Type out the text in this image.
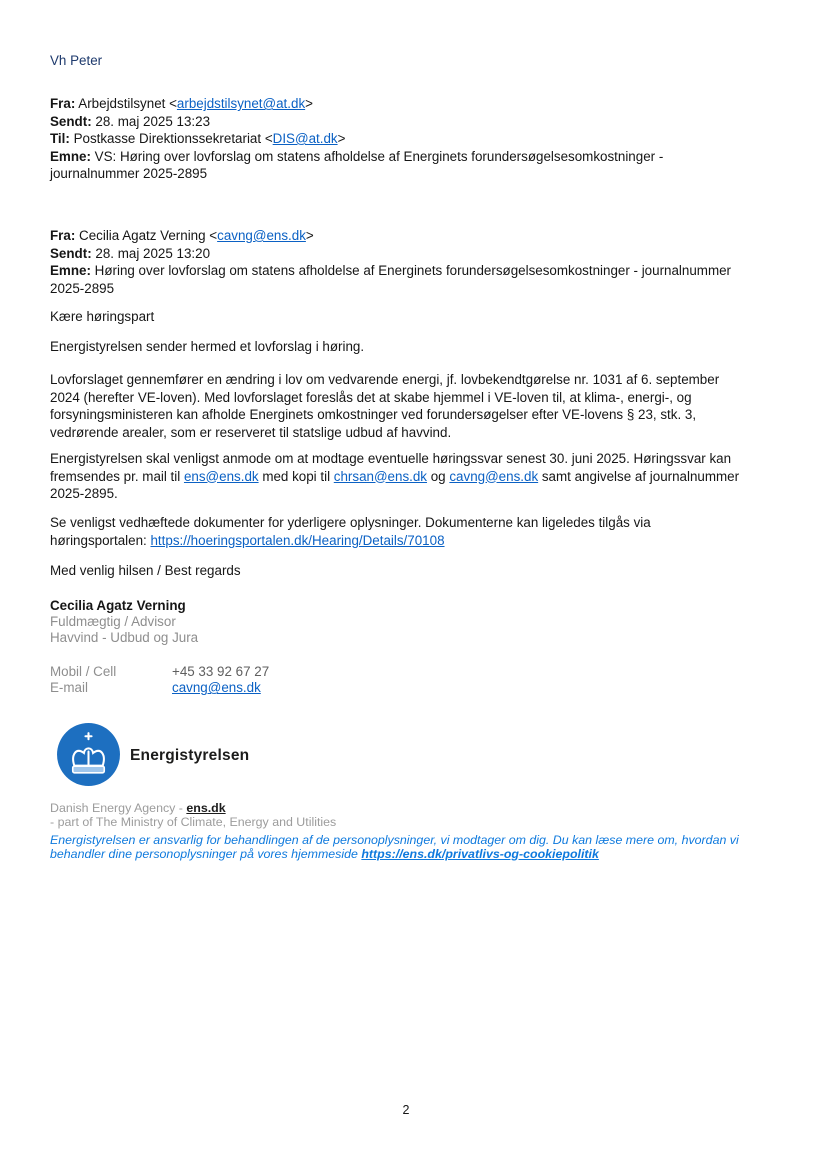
Vh Peter
Fra: Arbejdstilsynet <arbejdstilsynet@at.dk>
Sendt: 28. maj 2025 13:23
Til: Postkasse Direktionssekretariat <DIS@at.dk>
Emne: VS: Høring over lovforslag om statens afholdelse af Energinets forundersøgelsesomkostninger -
journalnummer 2025-2895
Fra: Cecilia Agatz Verning <cavng@ens.dk>
Sendt: 28. maj 2025 13:20
Emne: Høring over lovforslag om statens afholdelse af Energinets forundersøgelsesomkostninger - journalnummer
2025-2895
Kære høringspart
Energistyrelsen sender hermed et lovforslag i høring.
Lovforslaget gennemfører en ændring i lov om vedvarende energi, jf. lovbekendtgørelse nr. 1031 af 6. september
2024 (herefter VE-loven). Med lovforslaget foreslås det at skabe hjemmel i VE-loven til, at klima-, energi-, og
forsyningsministeren kan afholde Energinets omkostninger ved forundersøgelser efter VE-lovens § 23, stk. 3,
vedrørende arealer, som er reserveret til statslige udbud af havvind.
Energistyrelsen skal venligst anmode om at modtage eventuelle høringssvar senest 30. juni 2025. Høringssvar kan
fremsendes pr. mail til ens@ens.dk med kopi til chrsan@ens.dk og cavng@ens.dk samt angivelse af journalnummer
2025-2895.
Se venligst vedhæftede dokumenter for yderligere oplysninger. Dokumenterne kan ligeledes tilgås via
høringsportalen: https://hoeringsportalen.dk/Hearing/Details/70108
Med venlig hilsen / Best regards
Cecilia Agatz Verning
Fuldmægtig / Advisor
Havvind - Udbud og Jura
Mobil / Cell	+45 33 92 67 27
E-mail	cavng@ens.dk
Energistyrelsen
Danish Energy Agency - ens.dk
- part of The Ministry of Climate, Energy and Utilities
Energistyrelsen er ansvarlig for behandlingen af de personoplysninger, vi modtager om dig. Du kan læse mere om, hvordan vi
behandler dine personoplysninger på vores hjemmeside https://ens.dk/privatlivs-og-cookiepolitik
2
